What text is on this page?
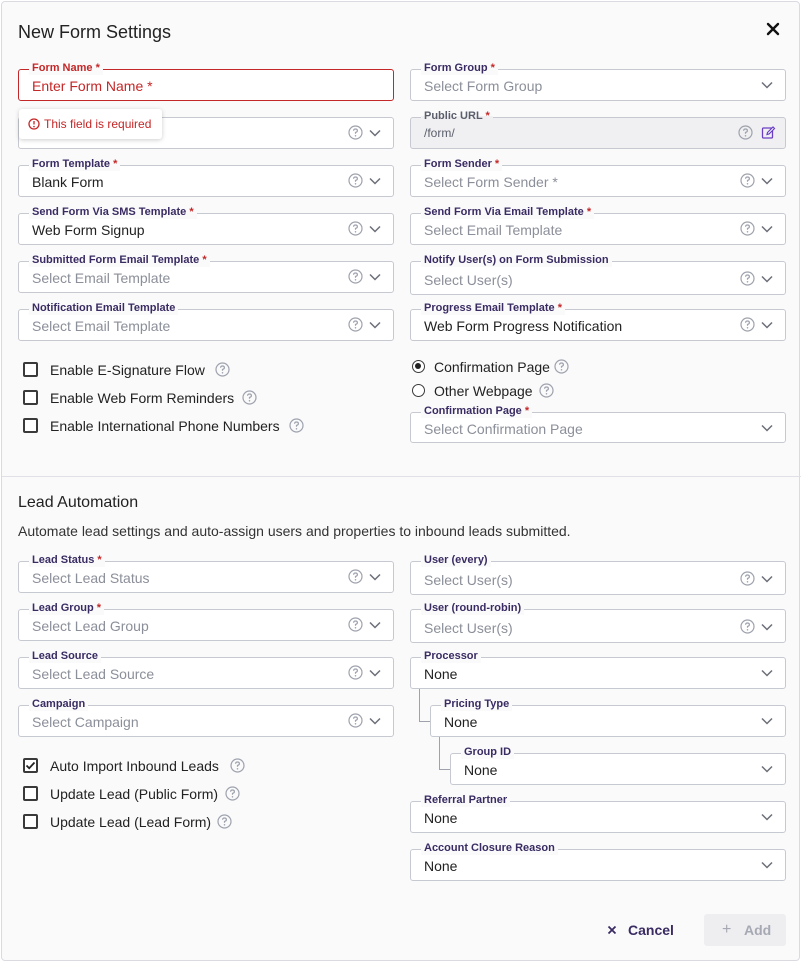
New Form Settings
Form Name *
Enter Form Name *
This field is required
Form Group *
Select Form Group
Public URL *
/form/
Form Template *
Blank Form
Form Sender *
Select Form Sender *
Send Form Via SMS Template *
Web Form Signup
Send Form Via Email Template *
Select Email Template
Submitted Form Email Template *
Select Email Template
Notify User(s) on Form Submission
Select User(s)
Notification Email Template
Select Email Template
Progress Email Template *
Web Form Progress Notification
Enable E-Signature Flow
Enable Web Form Reminders
Enable International Phone Numbers
Confirmation Page
Other Webpage
Confirmation Page *
Select Confirmation Page
Lead Automation
Automate lead settings and auto-assign users and properties to inbound leads submitted.
Lead Status *
Select Lead Status
User (every)
Select User(s)
Lead Group *
Select Lead Group
User (round-robin)
Select User(s)
Lead Source
Select Lead Source
Processor
None
Campaign
Select Campaign
Pricing Type
None
Group ID
None
Referral Partner
None
Account Closure Reason
None
Auto Import Inbound Leads
Update Lead (Public Form)
Update Lead (Lead Form)
Cancel	+ Add
